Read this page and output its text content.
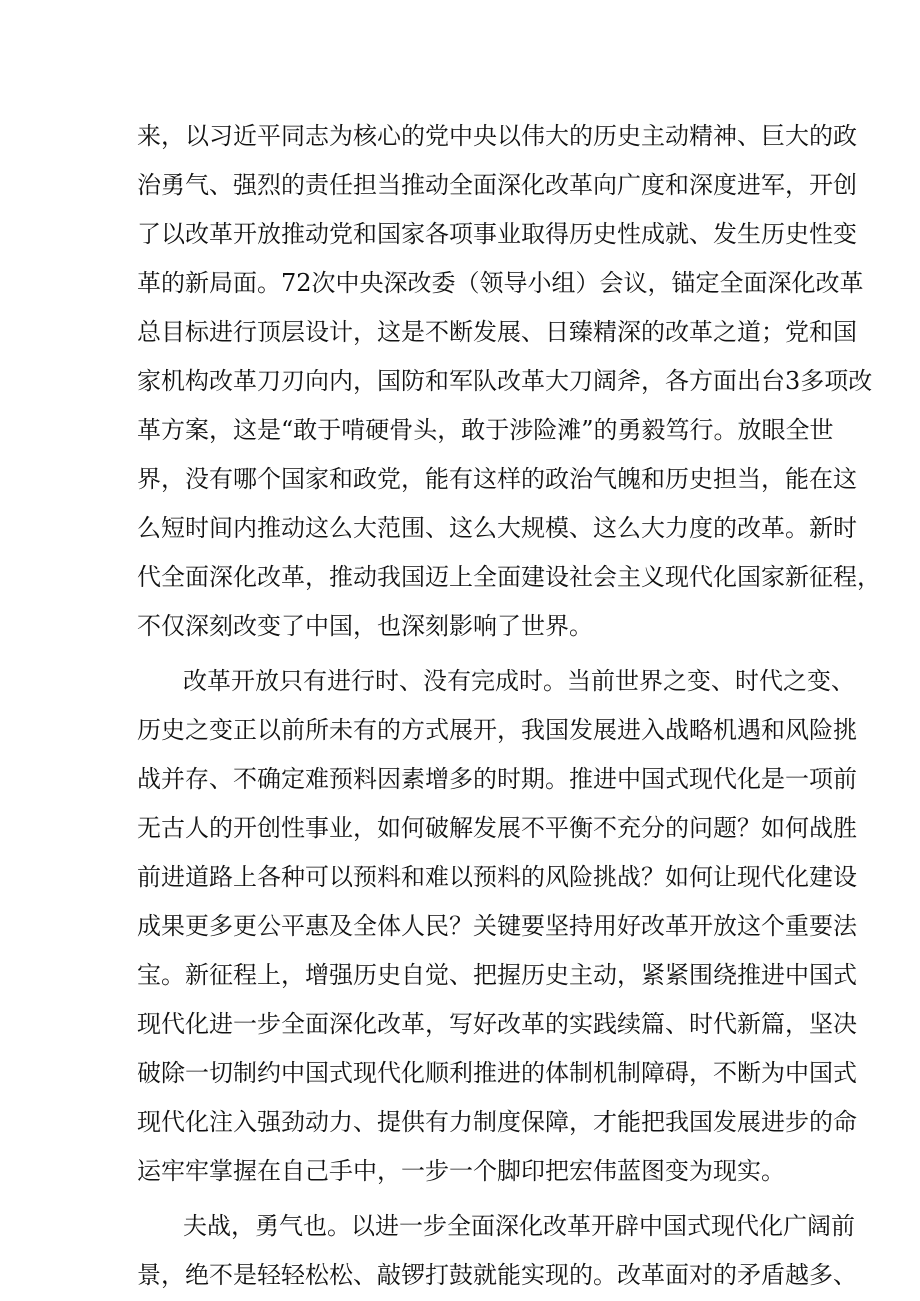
来，以习近平同志为核心的党中央以伟大的历史主动精神、巨大的政
治勇气、强烈的责任担当推动全面深化改革向广度和深度进军，开创
了以改革开放推动党和国家各项事业取得历史性成就、发生历史性变
革的新局面。72次中央深改委（领导小组）会议，锚定全面深化改革
总目标进行顶层设计，这是不断发展、日臻精深的改革之道；党和国
家机构改革刀刃向内，国防和军队改革大刀阔斧，各方面出台3多项改
革方案，这是“敢于啃硬骨头，敢于涉险滩”的勇毅笃行。放眼全世
界，没有哪个国家和政党，能有这样的政治气魄和历史担当，能在这
么短时间内推动这么大范围、这么大规模、这么大力度的改革。新时
代全面深化改革，推动我国迈上全面建设社会主义现代化国家新征程，
不仅深刻改变了中国，也深刻影响了世界。
改革开放只有进行时、没有完成时。当前世界之变、时代之变、
历史之变正以前所未有的方式展开，我国发展进入战略机遇和风险挑
战并存、不确定难预料因素增多的时期。推进中国式现代化是一项前
无古人的开创性事业，如何破解发展不平衡不充分的问题？如何战胜
前进道路上各种可以预料和难以预料的风险挑战？如何让现代化建设
成果更多更公平惠及全体人民？关键要坚持用好改革开放这个重要法
宝。新征程上，增强历史自觉、把握历史主动，紧紧围绕推进中国式
现代化进一步全面深化改革，写好改革的实践续篇、时代新篇，坚决
破除一切制约中国式现代化顺利推进的体制机制障碍，不断为中国式
现代化注入强劲动力、提供有力制度保障，才能把我国发展进步的命
运牢牢掌握在自己手中，一步一个脚印把宏伟蓝图变为现实。
夫战，勇气也。以进一步全面深化改革开辟中国式现代化广阔前
景，绝不是轻轻松松、敲锣打鼓就能实现的。改革面对的矛盾越多、
